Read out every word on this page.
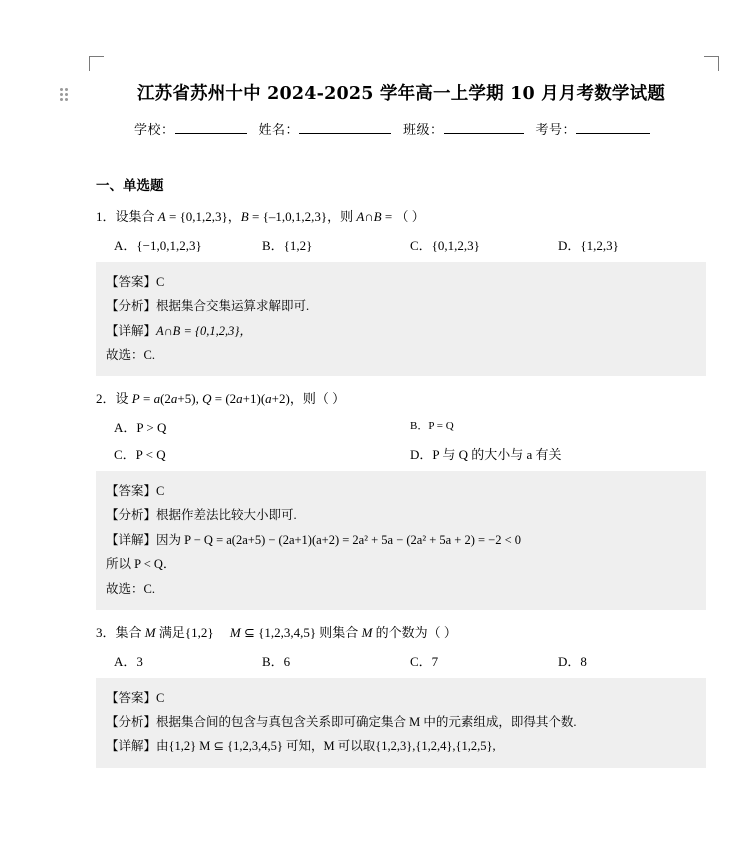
江苏省苏州十中 2024-2025 学年高一上学期 10 月月考数学试题

学校：	姓名：	班级：	考号：

一、单选题

1．设集合 A = {0,1,2,3}，B = {–1,0,1,2,3}，则 A∩B = （ ）

A．{−1,0,1,2,3}	B．{1,2}	C．{0,1,2,3}	D．{1,2,3}

【答案】C

【分析】根据集合交集运算求解即可.

【详解】A∩B = {0,1,2,3}，

故选：C.

2．设 P = a(2a+5), Q = (2a+1)(a+2)，则（ ）

A．P > Q	B．P = Q
C．P < Q	D．P 与 Q 的大小与 a 有关

【答案】C

【分析】根据作差法比较大小即可.

【详解】因为 P − Q = a(2a+5) − (2a+1)(a+2) = 2a² + 5a − (2a² + 5a + 2) = −2 < 0

所以 P < Q．

故选：C.

3．集合 M 满足{1,2}     M ⊆ {1,2,3,4,5} 则集合 M 的个数为（ ）

A．3	B．6	C．7	D．8

【答案】C

【分析】根据集合间的包含与真包含关系即可确定集合 M 中的元素组成，即得其个数.

【详解】由{1,2} M ⊆ {1,2,3,4,5} 可知，M 可以取{1,2,3},{1,2,4},{1,2,5},
